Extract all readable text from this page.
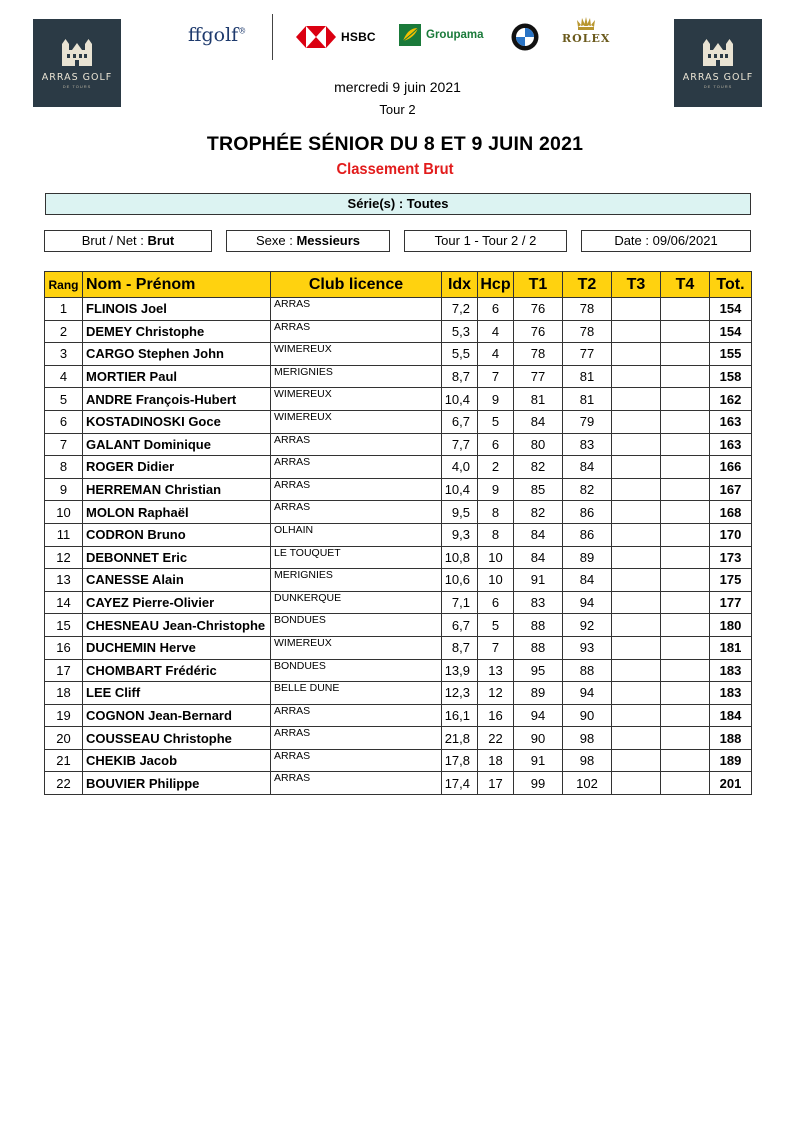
ARRAS GOLF
DE TOURS
ffgolf®	HSBC	Groupama	ROLEX
ARRAS GOLF
DE TOURS
mercredi 9 juin 2021
Tour 2
TROPHÉE SÉNIOR DU 8 ET 9 JUIN 2021
Classement Brut
Série(s) : Toutes
Brut / Net : Brut	Sexe : Messieurs	Tour 1 - Tour 2 / 2	Date : 09/06/2021
Rang	Nom - Prénom	Club licence	Idx	Hcp	T1	T2	T3	T4	Tot.
1	FLINOIS Joel	ARRAS	7,2	6	76	78			154
2	DEMEY Christophe	ARRAS	5,3	4	76	78			154
3	CARGO Stephen John	WIMEREUX	5,5	4	78	77			155
4	MORTIER Paul	MERIGNIES	8,7	7	77	81			158
5	ANDRE François-Hubert	WIMEREUX	10,4	9	81	81			162
6	KOSTADINOSKI Goce	WIMEREUX	6,7	5	84	79			163
7	GALANT Dominique	ARRAS	7,7	6	80	83			163
8	ROGER Didier	ARRAS	4,0	2	82	84			166
9	HERREMAN Christian	ARRAS	10,4	9	85	82			167
10	MOLON Raphaël	ARRAS	9,5	8	82	86			168
11	CODRON Bruno	OLHAIN	9,3	8	84	86			170
12	DEBONNET Eric	LE TOUQUET	10,8	10	84	89			173
13	CANESSE Alain	MERIGNIES	10,6	10	91	84			175
14	CAYEZ Pierre-Olivier	DUNKERQUE	7,1	6	83	94			177
15	CHESNEAU Jean-Christophe	BONDUES	6,7	5	88	92			180
16	DUCHEMIN Herve	WIMEREUX	8,7	7	88	93			181
17	CHOMBART Frédéric	BONDUES	13,9	13	95	88			183
18	LEE Cliff	BELLE DUNE	12,3	12	89	94			183
19	COGNON Jean-Bernard	ARRAS	16,1	16	94	90			184
20	COUSSEAU Christophe	ARRAS	21,8	22	90	98			188
21	CHEKIB Jacob	ARRAS	17,8	18	91	98			189
22	BOUVIER Philippe	ARRAS	17,4	17	99	102			201
